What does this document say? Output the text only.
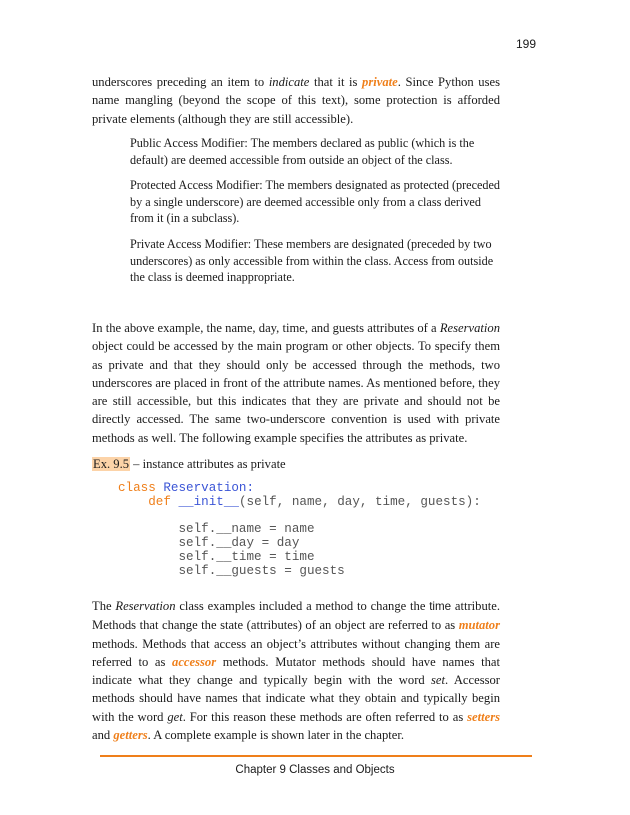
199

underscores preceding an item to indicate that it is private. Since Python uses name mangling (beyond the scope of this text), some protection is afforded private elements (although they are still accessible).

Public Access Modifier: The members declared as public (which is the default) are deemed accessible from outside an object of the class.

Protected Access Modifier: The members designated as protected (preceded by a single underscore) are deemed accessible only from a class derived from it (in a subclass).

Private Access Modifier: These members are designated (preceded by two underscores) as only accessible from within the class. Access from outside the class is deemed inappropriate.

In the above example, the name, day, time, and guests attributes of a Reservation object could be accessed by the main program or other objects. To specify them as private and that they should only be accessed through the methods, two underscores are placed in front of the attribute names. As mentioned before, they are still accessible, but this indicates that they are private and should not be directly accessed. The same two-underscore convention is used with private methods as well. The following example specifies the attributes as private.

Ex. 9.5 – instance attributes as private
class Reservation:
def __init__(self, name, day, time, guests):
self.__name = name
self.__day = day
self.__time = time
self.__guests = guests

The Reservation class examples included a method to change the time attribute. Methods that change the state (attributes) of an object are referred to as mutator methods. Methods that access an object’s attributes without changing them are referred to as accessor methods. Mutator methods should have names that indicate what they change and typically begin with the word set. Accessor methods should have names that indicate what they obtain and typically begin with the word get. For this reason these methods are often referred to as setters and getters. A complete example is shown later in the chapter.

Chapter 9 Classes and Objects
